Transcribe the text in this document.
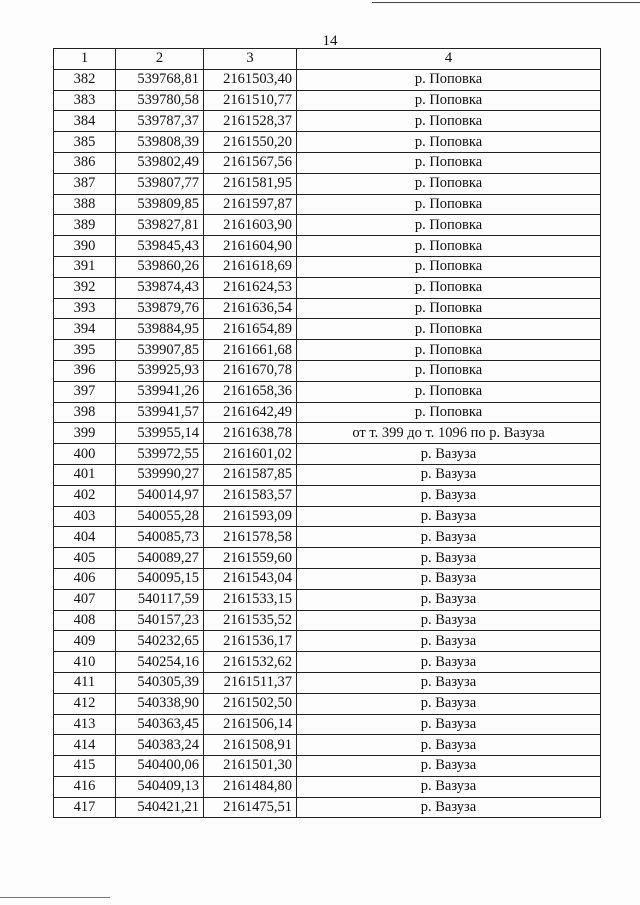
14
1	2	3	4
382	539768,81	2161503,40	р. Поповка
383	539780,58	2161510,77	р. Поповка
384	539787,37	2161528,37	р. Поповка
385	539808,39	2161550,20	р. Поповка
386	539802,49	2161567,56	р. Поповка
387	539807,77	2161581,95	р. Поповка
388	539809,85	2161597,87	р. Поповка
389	539827,81	2161603,90	р. Поповка
390	539845,43	2161604,90	р. Поповка
391	539860,26	2161618,69	р. Поповка
392	539874,43	2161624,53	р. Поповка
393	539879,76	2161636,54	р. Поповка
394	539884,95	2161654,89	р. Поповка
395	539907,85	2161661,68	р. Поповка
396	539925,93	2161670,78	р. Поповка
397	539941,26	2161658,36	р. Поповка
398	539941,57	2161642,49	р. Поповка
399	539955,14	2161638,78	от т. 399 до т. 1096 по р. Вазуза
400	539972,55	2161601,02	р. Вазуза
401	539990,27	2161587,85	р. Вазуза
402	540014,97	2161583,57	р. Вазуза
403	540055,28	2161593,09	р. Вазуза
404	540085,73	2161578,58	р. Вазуза
405	540089,27	2161559,60	р. Вазуза
406	540095,15	2161543,04	р. Вазуза
407	540117,59	2161533,15	р. Вазуза
408	540157,23	2161535,52	р. Вазуза
409	540232,65	2161536,17	р. Вазуза
410	540254,16	2161532,62	р. Вазуза
411	540305,39	2161511,37	р. Вазуза
412	540338,90	2161502,50	р. Вазуза
413	540363,45	2161506,14	р. Вазуза
414	540383,24	2161508,91	р. Вазуза
415	540400,06	2161501,30	р. Вазуза
416	540409,13	2161484,80	р. Вазуза
417	540421,21	2161475,51	р. Вазуза
